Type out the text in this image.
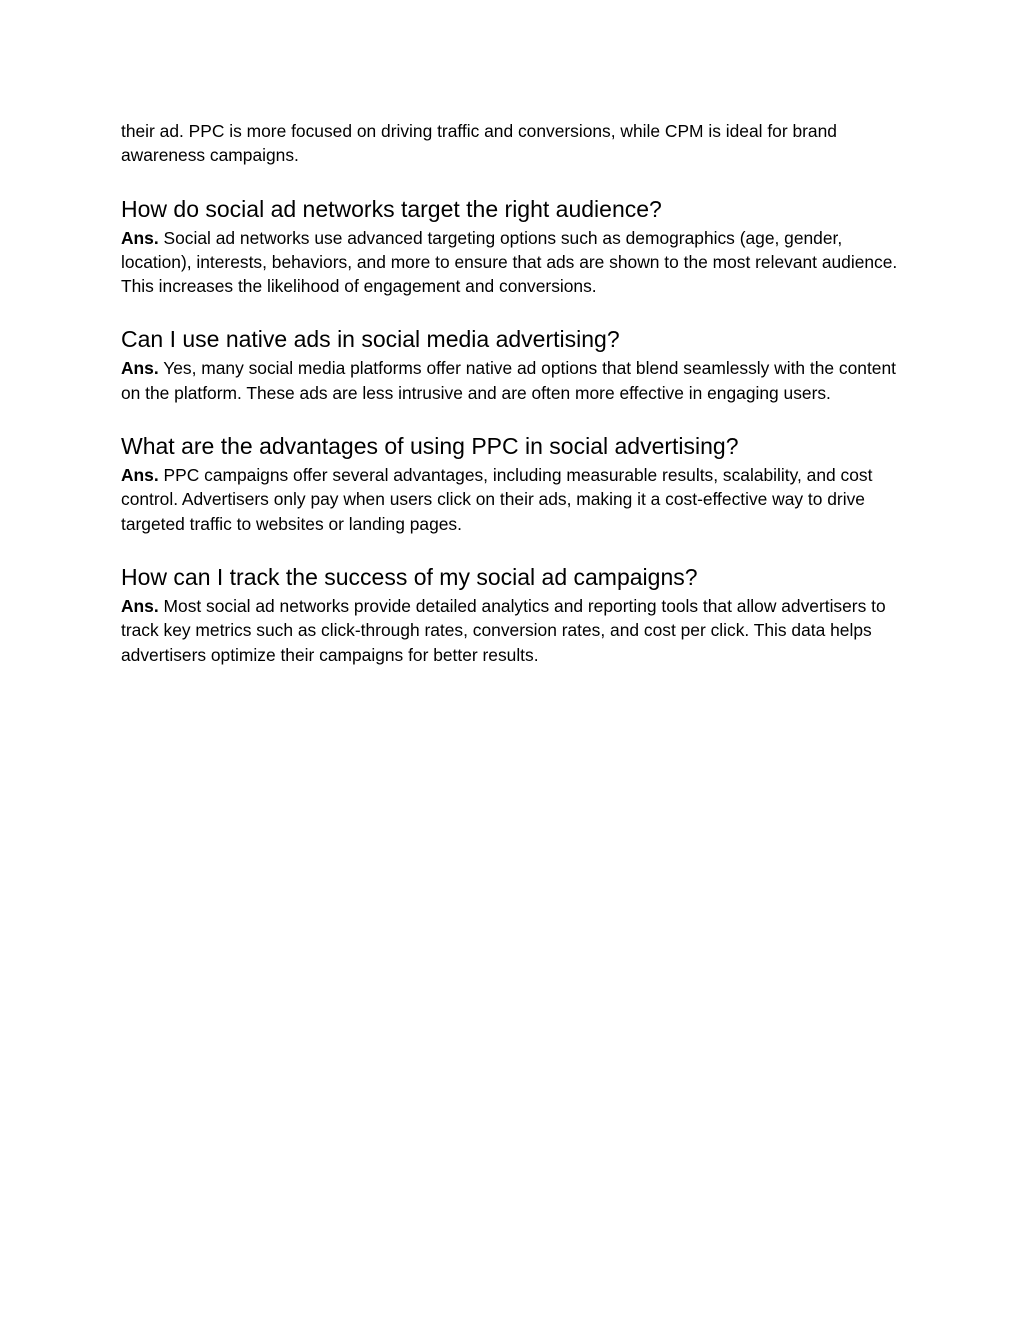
their ad. PPC is more focused on driving traffic and conversions, while CPM is ideal for brand awareness campaigns.

How do social ad networks target the right audience?

Ans. Social ad networks use advanced targeting options such as demographics (age, gender, location), interests, behaviors, and more to ensure that ads are shown to the most relevant audience. This increases the likelihood of engagement and conversions.

Can I use native ads in social media advertising?

Ans. Yes, many social media platforms offer native ad options that blend seamlessly with the content on the platform. These ads are less intrusive and are often more effective in engaging users.

What are the advantages of using PPC in social advertising?

Ans. PPC campaigns offer several advantages, including measurable results, scalability, and cost control. Advertisers only pay when users click on their ads, making it a cost-effective way to drive targeted traffic to websites or landing pages.

How can I track the success of my social ad campaigns?

Ans. Most social ad networks provide detailed analytics and reporting tools that allow advertisers to track key metrics such as click-through rates, conversion rates, and cost per click. This data helps advertisers optimize their campaigns for better results.
